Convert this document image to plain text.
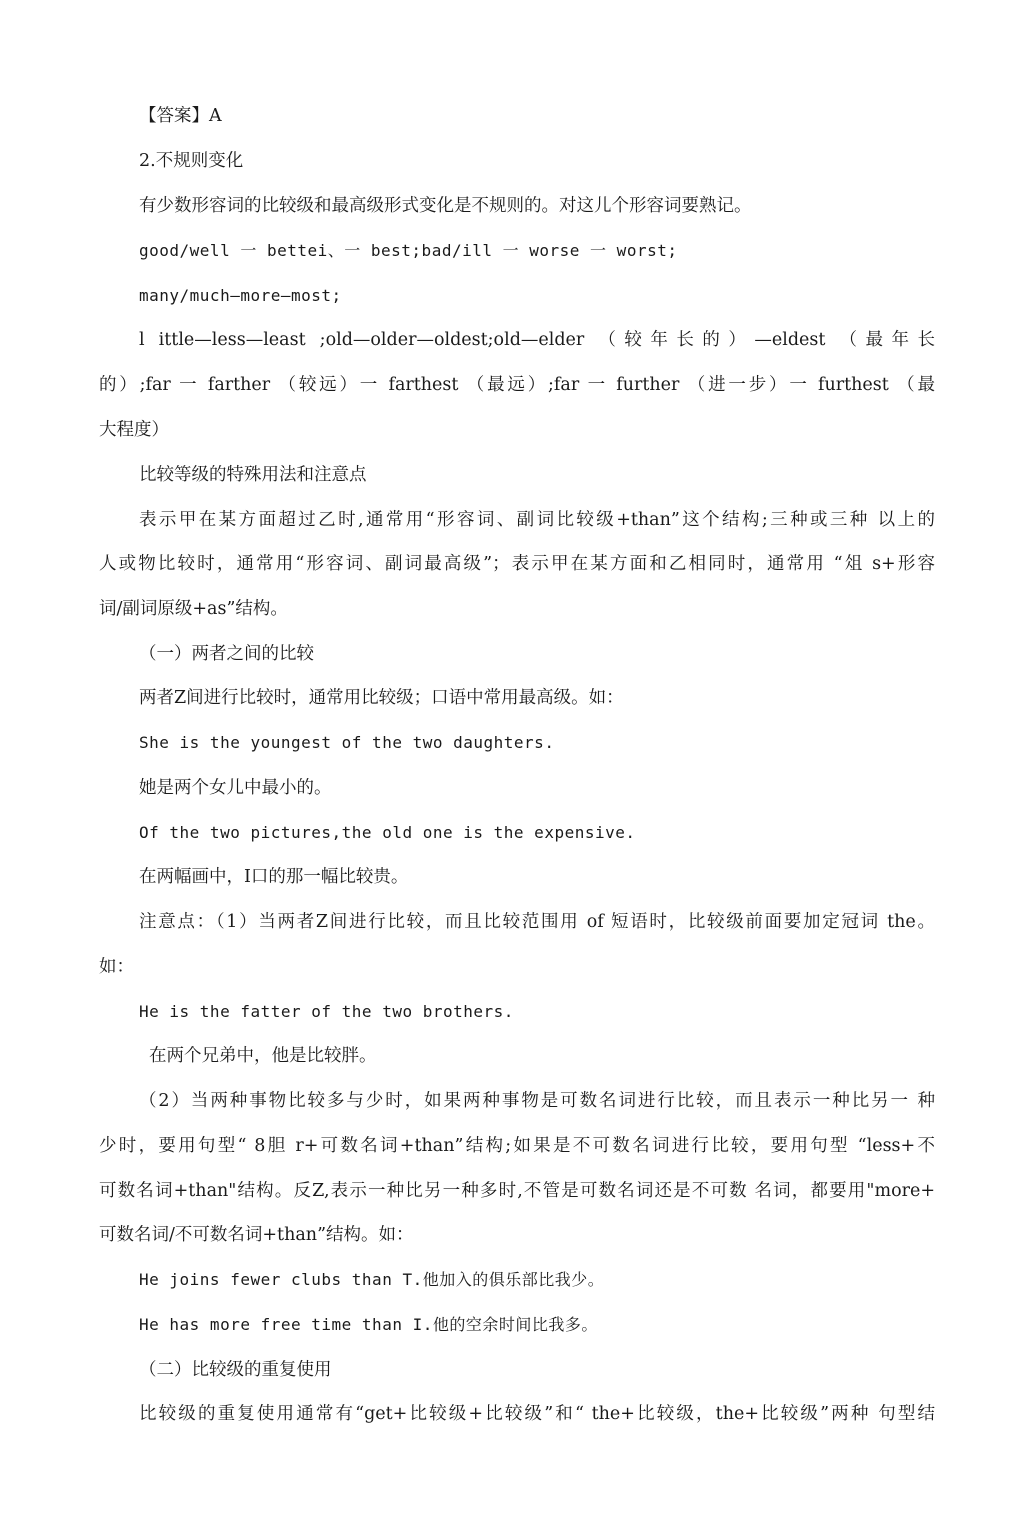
【答案】A
2.不规则变化
有少数形容词的比较级和最高级形式变化是不规则的。对这儿个形容词要熟记。
good/well 一 bettei、一 best;bad/ill 一 worse 一 worst;
many/much—more—most;
l ittle—less—least ;old—older—oldest;old—elder （较年长的）—eldest （最年长
的）;far 一 farther （较远）一 farthest （最远）;far 一 further （进一步）一 furthest （最
大程度）
比较等级的特殊用法和注意点
表示甲在某方面超过乙时,通常用“形容词、副词比较级+than”这个结构;三种或三种 以上的
人或物比较时，通常用“形容词、副词最高级”；表示甲在某方面和乙相同时，通常用 “俎 s+形容
词/副词原级+as”结构。
（一）两者之间的比较
两者Z间进行比较时，通常用比较级；口语中常用最高级。如：
She is the youngest of the two daughters.
她是两个女儿中最小的。
Of the two pictures,the old one is the expensive.
在两幅画中，I口的那一幅比较贵。
注意点：（1）当两者Z间进行比较，而且比较范围用 of 短语时，比较级前面要加定冠词 the。
如：
He is the fatter of the two brothers.
在两个兄弟中，他是比较胖。
（2）当两种事物比较多与少时，如果两种事物是可数名词进行比较，而且表示一种比另一 种
少时，要用句型“ 8胆 r+可数名词+than”结构;如果是不可数名词进行比较，要用句型 “less+不
可数名词+than"结构。反Z,表示一种比另一种多时,不管是可数名词还是不可数 名词，都要用"more+
可数名词/不可数名词+than”结构。如：
He joins fewer clubs than T.他加入的俱乐部比我少。
He has more free time than I.他的空余时间比我多。
（二）比较级的重复使用
比较级的重复使用通常有“get+比较级+比较级”和“ the+比较级，the+比较级”两种 句型结
